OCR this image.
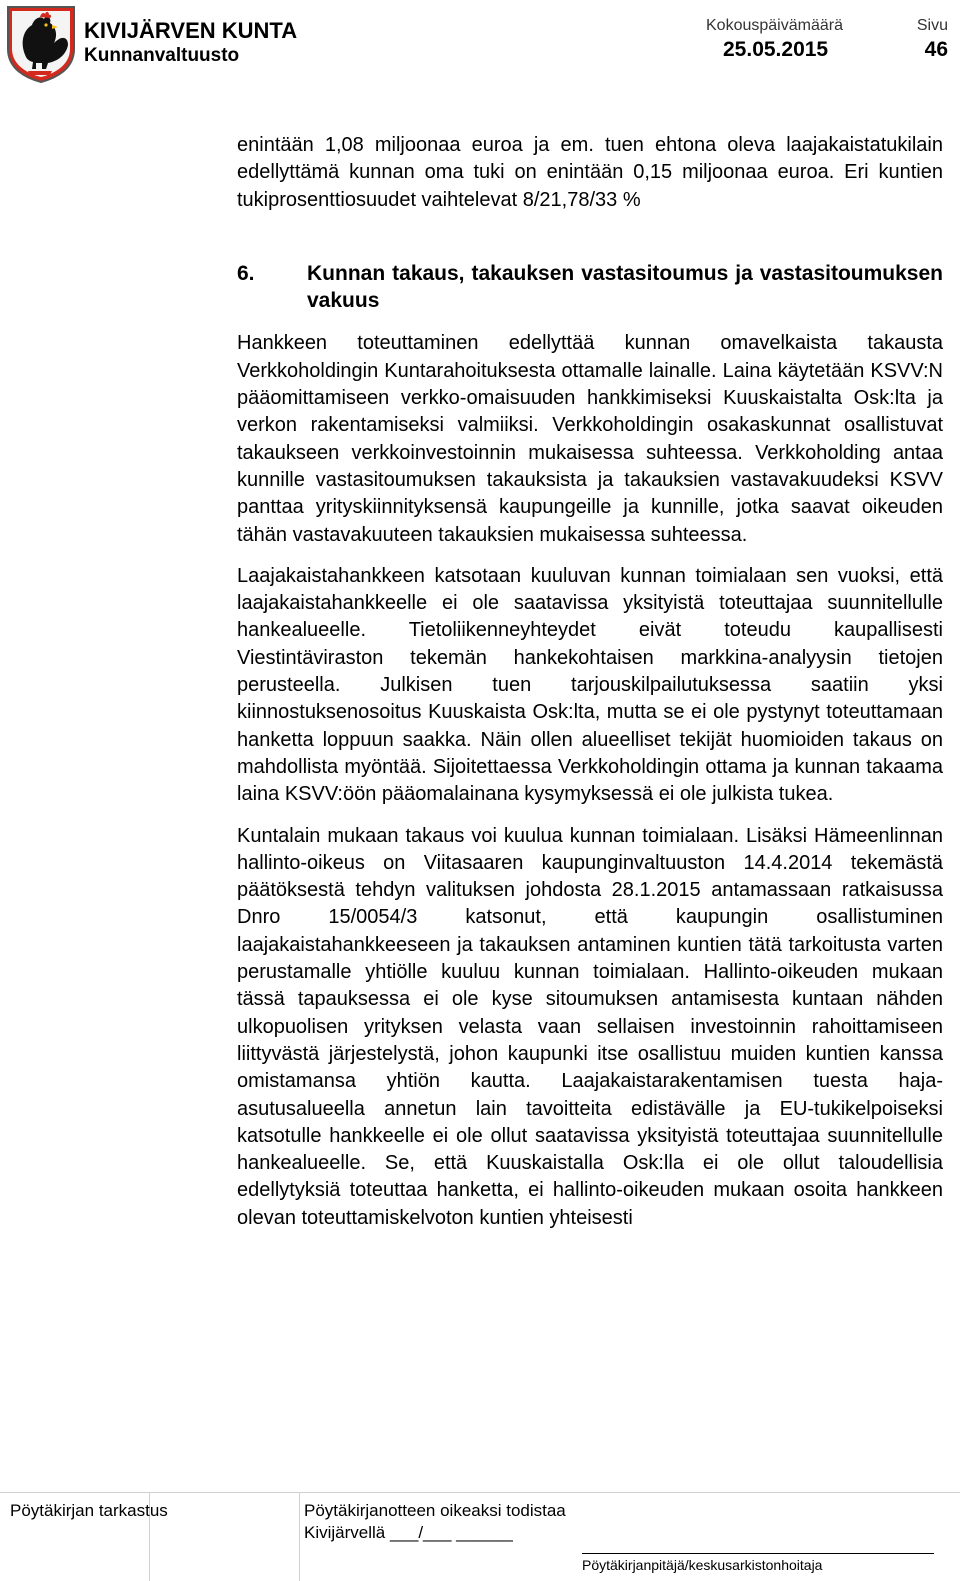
KIVIJÄRVEN KUNTA
Kunnanvaltuusto
Kokouspäivämäärä
25.05.2015
Sivu
46

enintään 1,08 miljoonaa euroa ja em. tuen ehtona oleva laajakaistatukilain edellyttämä kunnan oma tuki on enintään 0,15 miljoonaa euroa. Eri kuntien tukiprosenttiosuudet vaihtelevat 8/21,78/33 %

6.	Kunnan takaus, takauksen vastasitoumus ja vastasitoumuksen vakuus

Hankkeen toteuttaminen edellyttää kunnan omavelkaista takausta Verkkoholdingin Kuntarahoituksesta ottamalle lainalle. Laina käytetään KSVV:N pääomittamiseen verkko-omaisuuden hankkimiseksi Kuuskaistalta Osk:lta ja verkon rakentamiseksi valmiiksi. Verkkoholdingin osakaskunnat osallistuvat takaukseen verkkoinvestoinnin mukaisessa suhteessa. Verkkoholding antaa kunnille vastasitoumuksen takauksista ja takauksien vastavakuudeksi KSVV panttaa yrityskiinnityksensä kaupungeille ja kunnille, jotka saavat oikeuden tähän vastavakuuteen takauksien mukaisessa suhteessa.

Laajakaistahankkeen katsotaan kuuluvan kunnan toimialaan sen vuoksi, että laajakaistahankkeelle ei ole saatavissa yksityistä toteuttajaa suunnitellulle hankealueelle. Tietoliikenneyhteydet eivät toteudu kaupallisesti Viestintäviraston tekemän hankekohtaisen markkina-analyysin tietojen perusteella. Julkisen tuen tarjouskilpailutuksessa saatiin yksi kiinnostuksenosoitus Kuuskaista Osk:lta, mutta se ei ole pystynyt toteuttamaan hanketta loppuun saakka. Näin ollen alueelliset tekijät huomioiden takaus on mahdollista myöntää. Sijoitettaessa Verkkoholdingin ottama ja kunnan takaama laina KSVV:öön pääomalainana kysymyksessä ei ole julkista tukea.

Kuntalain mukaan takaus voi kuulua kunnan toimialaan. Lisäksi Hämeenlinnan hallinto-oikeus on Viitasaaren kaupunginvaltuuston 14.4.2014 tekemästä päätöksestä tehdyn valituksen johdosta 28.1.2015 antamassaan ratkaisussa Dnro 15/0054/3 katsonut, että kaupungin osallistuminen laajakaistahankkeeseen ja takauksen antaminen kuntien tätä tarkoitusta varten perustamalle yhtiölle kuuluu kunnan toimialaan. Hallinto-oikeuden mukaan tässä tapauksessa ei ole kyse sitoumuksen antamisesta kuntaan nähden ulkopuolisen yrityksen velasta vaan sellaisen investoinnin rahoittamiseen liittyvästä järjestelystä, johon kaupunki itse osallistuu muiden kuntien kanssa omistamansa yhtiön kautta. Laajakaistarakentamisen tuesta haja-asutusalueella annetun lain tavoitteita edistävälle ja EU-tukikelpoiseksi katsotulle hankkeelle ei ole ollut saatavissa yksityistä toteuttajaa suunnitellulle hankealueelle. Se, että Kuuskaistalla Osk:lla ei ole ollut taloudellisia edellytyksiä toteuttaa hanketta, ei hallinto-oikeuden mukaan osoita hankkeen olevan toteuttamiskelvoton kuntien yhteisesti

Pöytäkirjan tarkastus	Pöytäkirjanotteen oikeaksi todistaa
Kivijärvellä ___/___ ______
Pöytäkirjanpitäjä/keskusarkistonhoitaja
